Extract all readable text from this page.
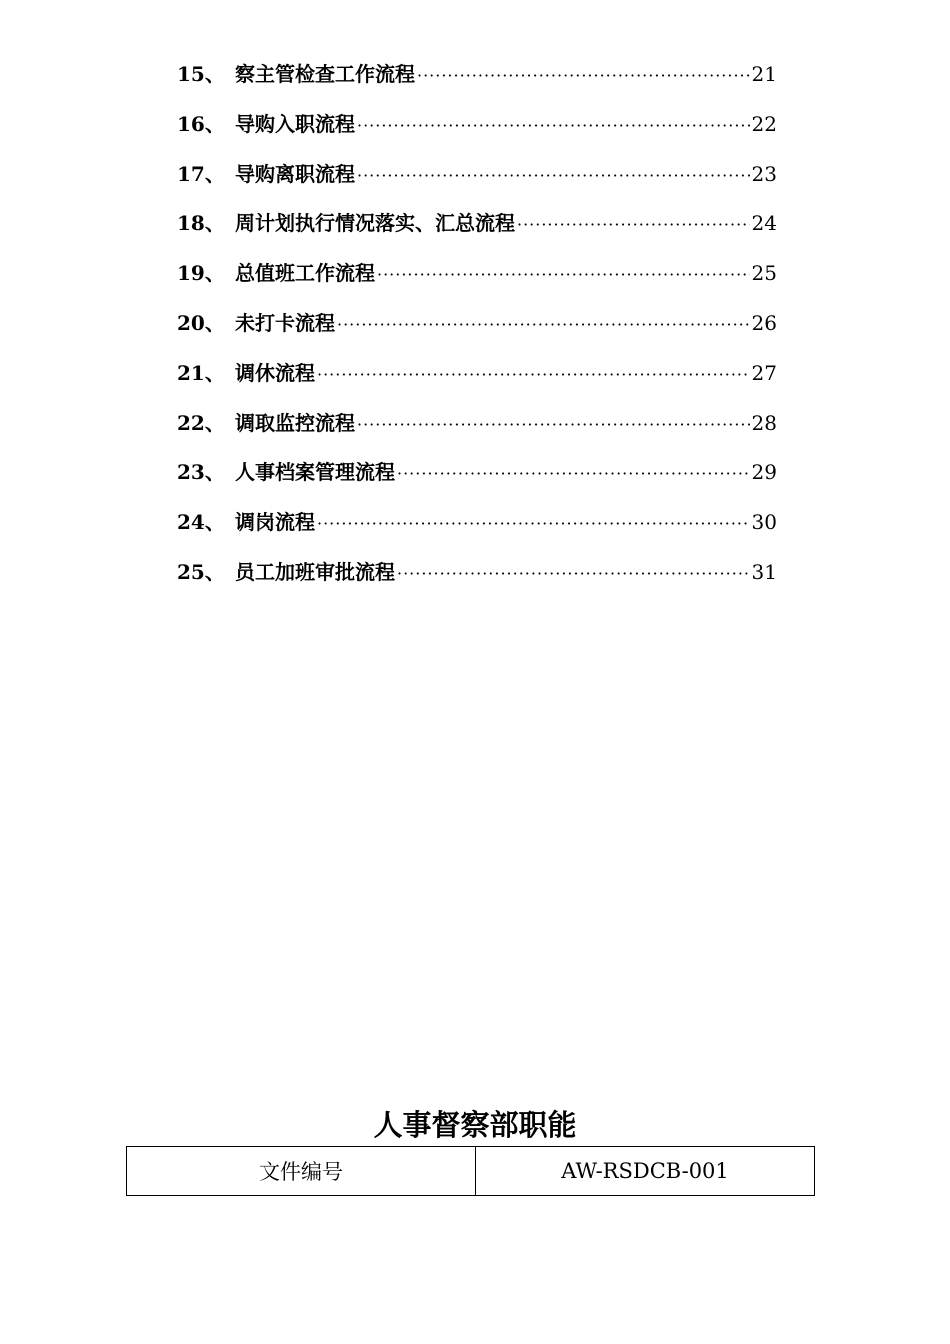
15、 察主管检查工作流程 ·····	21
16、 导购入职流程 ·····	22
17、 导购离职流程 ·····	23
18、 周计划执行情况落实、汇总流程 ·····	24
19、 总值班工作流程 ·····	25
20、 未打卡流程 ·····	26
21、 调休流程 ·····	27
22、 调取监控流程 ·····	28
23、 人事档案管理流程 ·····	29
24、 调岗流程 ·····	30
25、 员工加班审批流程 ·····	31
人事督察部职能
文件编号	AW-RSDCB-001
